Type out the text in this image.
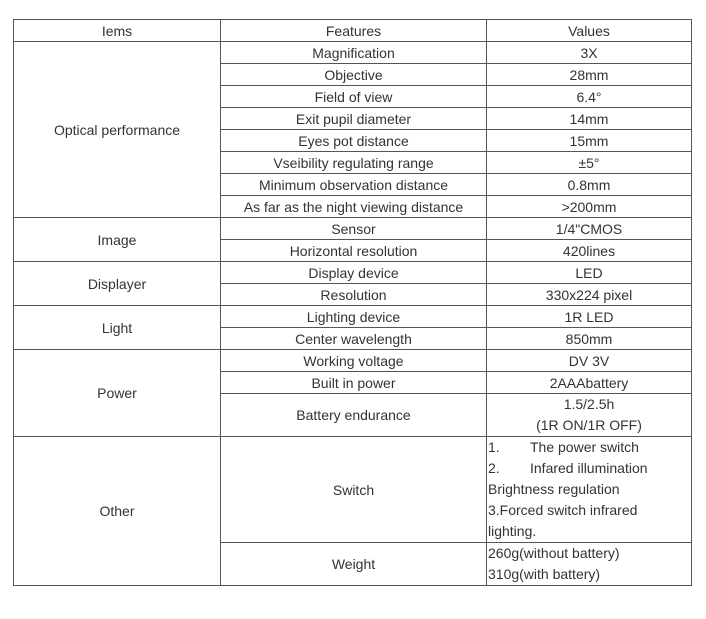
Iems	Features	Values
Optical performance	Magnification	3X
	Objective	28mm
	Field of view	6.4°
	Exit pupil diameter	14mm
	Eyes pot distance	15mm
	Vseibility regulating range	±5°
	Minimum observation distance	0.8mm
	As far as the night viewing distance	>200mm
Image	Sensor	1/4"CMOS
	Horizontal resolution	420lines
Displayer	Display device	LED
	Resolution	330x224 pixel
Light	Lighting device	1R LED
	Center wavelength	850mm
Power	Working voltage	DV 3V
	Built in power	2AAAbattery
	Battery endurance	1.5/2.5h
(1R ON/1R OFF)

Other	Switch	1. The power switch
2. Infared illumination
Brightness regulation
3.Forced switch infrared
lighting.

	Weight	260g(without battery)
310g(with battery)
